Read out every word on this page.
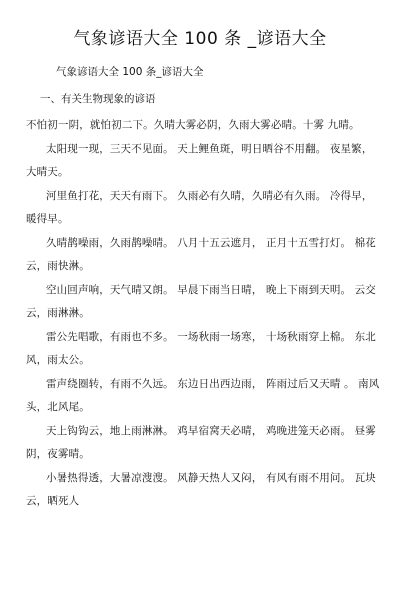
气象谚语大全 100 条 _谚语大全
气象谚语大全 100 条_谚语大全
一、有关生物现象的谚语

不怕初一阴，就怕初二下。久晴大雾必阴，久雨大雾必晴。十雾 九晴。

太阳现一现，三天不见面。 天上鲤鱼斑，明日晒谷不用翻。 夜星繁，大晴天。

河里鱼打花，天天有雨下。 久雨必有久晴，久晴必有久雨。 冷得早，暖得早。

久晴鹊噪雨，久雨鹊噪晴。 八月十五云遮月， 正月十五雪打灯。 棉花云，雨快淋。

空山回声响，天气晴又朗。 早晨下雨当日晴， 晚上下雨到天明。 云交云，雨淋淋。

雷公先唱歌，有雨也不多。 一场秋雨一场寒， 十场秋雨穿上棉。 东北风，雨太公。

雷声绕圈转，有雨不久远。 东边日出西边雨， 阵雨过后又天晴 。 南风头，北风尾。

天上钩钩云，地上雨淋淋。 鸡早宿窝天必晴， 鸡晚进笼天必雨。 昼雾阴，夜雾晴。

小暑热得透，大暑凉溲溲。 风静天热人又闷， 有风有雨不用问。 瓦块云，晒死人
